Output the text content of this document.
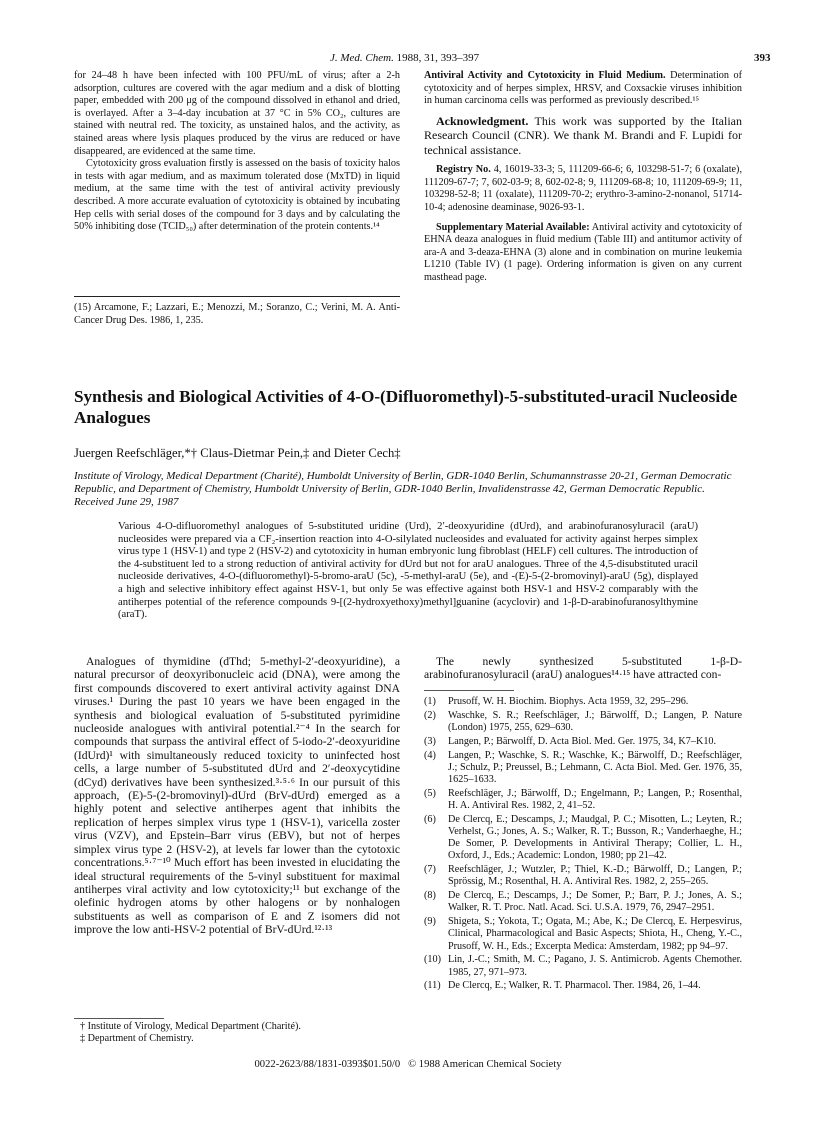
J. Med. Chem. 1988, 31, 393–397	393

for 24–48 h have been infected with 100 PFU/mL of virus; after a 2-h adsorption, cultures are covered with the agar medium and a disk of blotting paper, embedded with 200 μg of the compound dissolved in ethanol and dried, is overlayed. After a 3–4-day incubation at 37 °C in 5% CO₂, cultures are stained with neutral red. The toxicity, as unstained halos, and the activity, as stained areas where lysis plaques produced by the virus are reduced or have disappeared, are evidenced at the same time.

Cytotoxicity gross evaluation firstly is assessed on the basis of toxicity halos in tests with agar medium, and as maximum tolerated dose (MxTD) in liquid medium, at the same time with the test of antiviral activity previously described. A more accurate evaluation of cytotoxicity is obtained by incubating Hep cells with serial doses of the compound for 3 days and by calculating the 50% inhibiting dose (TCID₅₀) after determination of the protein contents.¹⁴

(15) Arcamone, F.; Lazzari, E.; Menozzi, M.; Soranzo, C.; Verini, M. A. Anti-Cancer Drug Des. 1986, 1, 235.

Antiviral Activity and Cytotoxicity in Fluid Medium. Determination of cytotoxicity and of herpes simplex, HRSV, and Coxsackie viruses inhibition in human carcinoma cells was performed as previously described.¹⁵

Acknowledgment. This work was supported by the Italian Research Council (CNR). We thank M. Brandi and F. Lupidi for technical assistance.

Registry No. 4, 16019-33-3; 5, 111209-66-6; 6, 103298-51-7; 6 (oxalate), 111209-67-7; 7, 602-03-9; 8, 602-02-8; 9, 111209-68-8; 10, 111209-69-9; 11, 103298-52-8; 11 (oxalate), 111209-70-2; erythro-3-amino-2-nonanol, 51714-10-4; adenosine deaminase, 9026-93-1.

Supplementary Material Available: Antiviral activity and cytotoxicity of EHNA deaza analogues in fluid medium (Table III) and antitumor activity of ara-A and 3-deaza-EHNA (3) alone and in combination on murine leukemia L1210 (Table IV) (1 page). Ordering information is given on any current masthead page.

Synthesis and Biological Activities of 4-O-(Difluoromethyl)-5-substituted-uracil Nucleoside Analogues
Juergen Reefschläger,*† Claus-Dietmar Pein,‡ and Dieter Cech‡
Institute of Virology, Medical Department (Charité), Humboldt University of Berlin, GDR-1040 Berlin, Schumannstrasse 20-21, German Democratic Republic, and Department of Chemistry, Humboldt University of Berlin, GDR-1040 Berlin, Invalidenstrasse 42, German Democratic Republic. Received June 29, 1987
Various 4-O-difluoromethyl analogues of 5-substituted uridine (Urd), 2′-deoxyuridine (dUrd), and arabinofuranosyluracil (araU) nucleosides were prepared via a CF₂-insertion reaction into 4-O-silylated nucleosides and evaluated for activity against herpes simplex virus type 1 (HSV-1) and type 2 (HSV-2) and cytotoxicity in human embryonic lung fibroblast (HELF) cell cultures. The introduction of the 4-substituent led to a strong reduction of antiviral activity for dUrd but not for araU analogues. Three of the 4,5-disubstituted uracil nucleoside derivatives, 4-O-(difluoromethyl)-5-bromo-araU (5c), -5-methyl-araU (5e), and -(E)-5-(2-bromovinyl)-araU (5g), displayed a high and selective inhibitory effect against HSV-1, but only 5e was effective against both HSV-1 and HSV-2 comparably with the antiherpes potential of the reference compounds 9-[(2-hydroxyethoxy)methyl]guanine (acyclovir) and 1-β-D-arabinofuranosylthymine (araT).
Analogues of thymidine (dThd; 5-methyl-2′-deoxyuridine), a natural precursor of deoxyribonucleic acid (DNA), were among the first compounds discovered to exert antiviral activity against DNA viruses.¹ During the past 10 years we have been engaged in the synthesis and biological evaluation of 5-substituted pyrimidine nucleoside analogues with antiviral potential.²⁻⁴ In the search for compounds that surpass the antiviral effect of 5-iodo-2′-deoxyuridine (IdUrd)¹ with simultaneously reduced toxicity to uninfected host cells, a large number of 5-substituted dUrd and 2′-deoxycytidine (dCyd) derivatives have been synthesized.³·⁵·⁶ In our pursuit of this approach, (E)-5-(2-bromovinyl)-dUrd (BrV-dUrd) emerged as a highly potent and selective antiherpes agent that inhibits the replication of herpes simplex virus type 1 (HSV-1), varicella zoster virus (VZV), and Epstein–Barr virus (EBV), but not of herpes simplex virus type 2 (HSV-2), at levels far lower than the cytotoxic concentrations.⁵·⁷⁻¹⁰ Much effort has been invested in elucidating the ideal structural requirements of the 5-vinyl substituent for maximal antiherpes viral activity and low cytotoxicity;¹¹ but exchange of the olefinic hydrogen atoms by other halogens or by nonhalogen substituents as well as comparison of E and Z isomers did not improve the low anti-HSV-2 potential of BrV-dUrd.¹²·¹³
† Institute of Virology, Medical Department (Charité).
‡ Department of Chemistry.
The newly synthesized 5-substituted 1-β-D-arabinofuranosyluracil (araU) analogues¹⁴·¹⁵ have attracted con-
(1)	Prusoff, W. H. Biochim. Biophys. Acta 1959, 32, 295–296.
(2)	Waschke, S. R.; Reefschläger, J.; Bärwolff, D.; Langen, P. Nature (London) 1975, 255, 629–630.
(3)	Langen, P.; Bärwolff, D. Acta Biol. Med. Ger. 1975, 34, K7–K10.
(4)	Langen, P.; Waschke, S. R.; Waschke, K.; Bärwolff, D.; Reefschläger, J.; Schulz, P.; Preussel, B.; Lehmann, C. Acta Biol. Med. Ger. 1976, 35, 1625–1633.
(5)	Reefschläger, J.; Bärwolff, D.; Engelmann, P.; Langen, P.; Rosenthal, H. A. Antiviral Res. 1982, 2, 41–52.
(6)	De Clercq, E.; Descamps, J.; Maudgal, P. C.; Misotten, L.; Leyten, R.; Verhelst, G.; Jones, A. S.; Walker, R. T.; Busson, R.; Vanderhaeghe, H.; De Somer, P. Developments in Antiviral Therapy; Collier, L. H., Oxford, J., Eds.; Academic: London, 1980; pp 21–42.
(7)	Reefschläger, J.; Wutzler, P.; Thiel, K.-D.; Bärwolff, D.; Langen, P.; Sprössig, M.; Rosenthal, H. A. Antiviral Res. 1982, 2, 255–265.
(8)	De Clercq, E.; Descamps, J.; De Somer, P.; Barr, P. J.; Jones, A. S.; Walker, R. T. Proc. Natl. Acad. Sci. U.S.A. 1979, 76, 2947–2951.
(9)	Shigeta, S.; Yokota, T.; Ogata, M.; Abe, K.; De Clercq, E. Herpesvirus, Clinical, Pharmacological and Basic Aspects; Shiota, H., Cheng, Y.-C., Prusoff, W. H., Eds.; Excerpta Medica: Amsterdam, 1982; pp 94–97.
(10) Lin, J.-C.; Smith, M. C.; Pagano, J. S. Antimicrob. Agents Chemother. 1985, 27, 971–973.
(11) De Clercq, E.; Walker, R. T. Pharmacol. Ther. 1984, 26, 1–44.
0022-2623/88/1831-0393$01.50/0   © 1988 American Chemical Society
